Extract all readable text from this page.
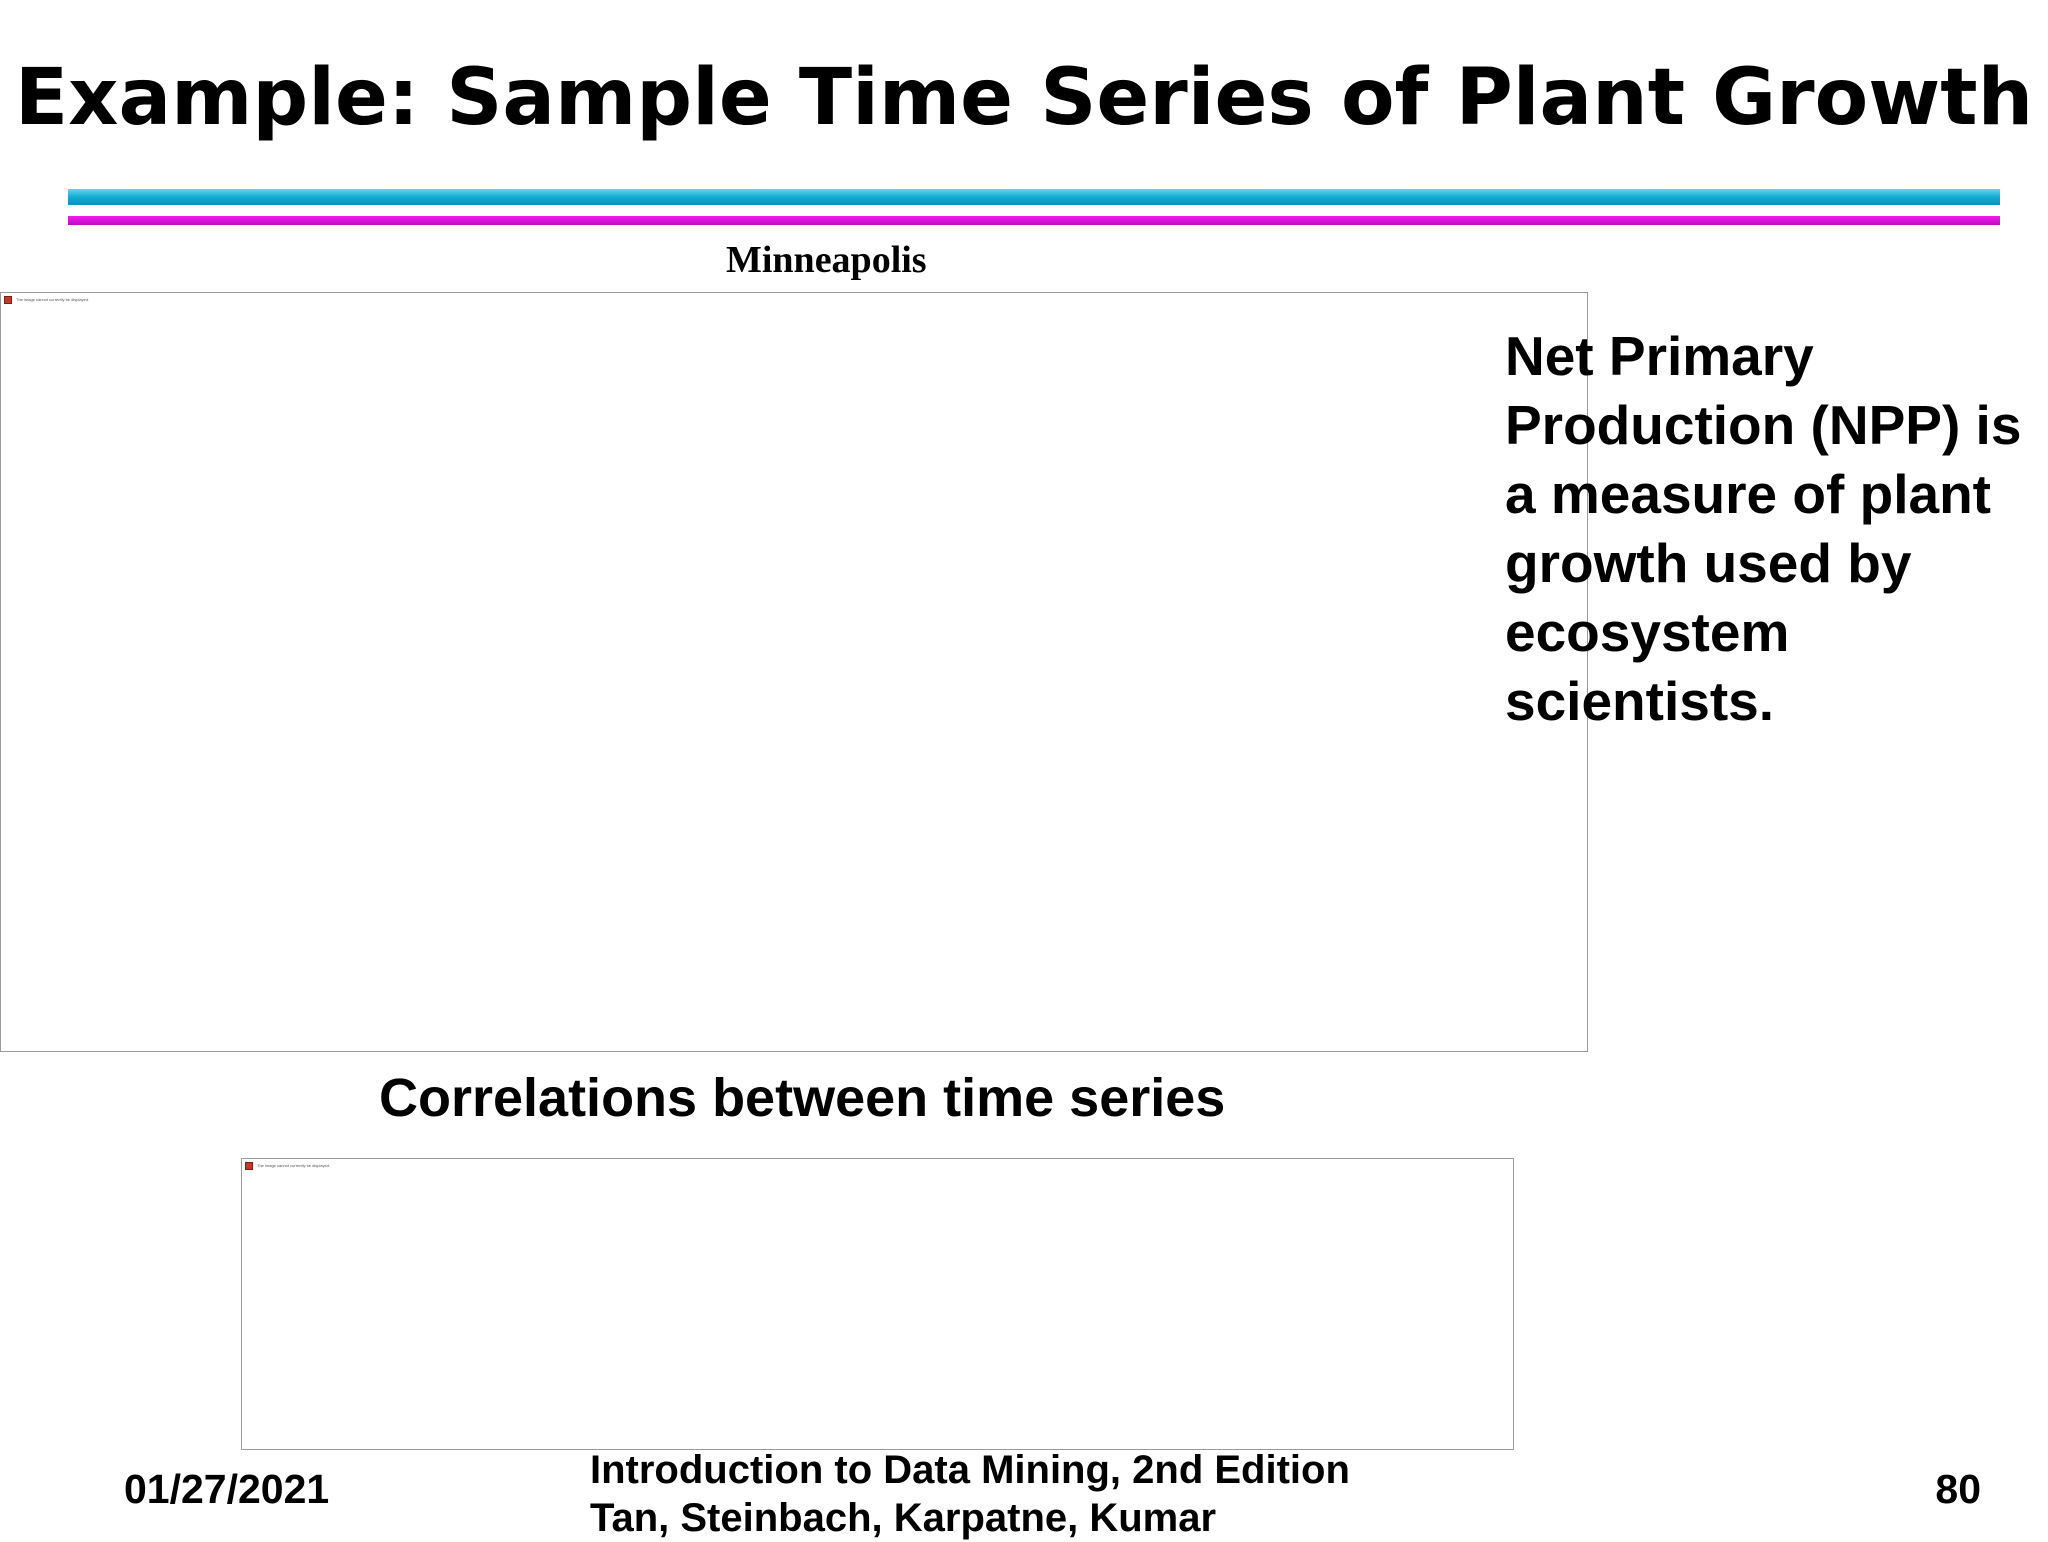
Example: Sample Time Series of Plant Growth
Minneapolis
The image cannot currently be displayed.

Net Primary Production (NPP) is a measure of plant growth used by ecosystem scientists.

Correlations between time series
The image cannot currently be displayed.
01/27/2021	Introduction to Data Mining, 2nd Edition
Tan, Steinbach, Karpatne, Kumar
80
